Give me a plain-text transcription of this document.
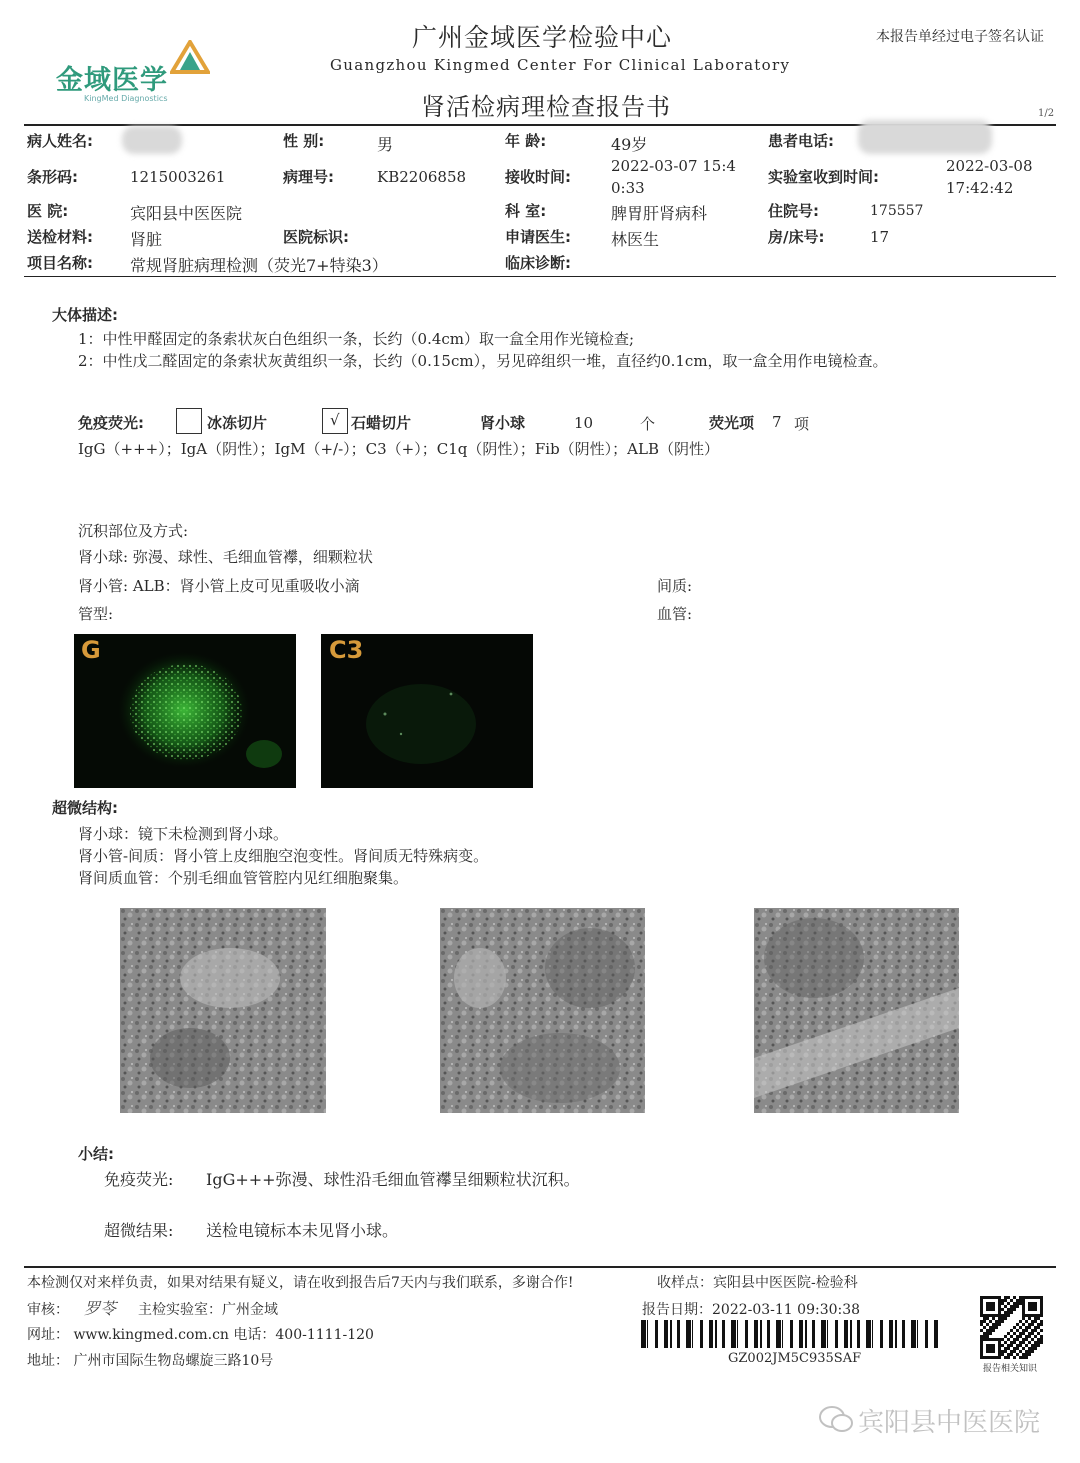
金域医学
KingMed Diagnostics
广州金域医学检验中心
Guangzhou Kingmed Center For Clinical Laboratory
肾活检病理检查报告书
本报告单经过电子签名认证
1/2
病人姓名:	性 别:	男	年 龄:	49岁	患者电话:
条形码:	1215003261	病理号:	KB2206858	接收时间:
2022-03-07 15:4
0:33
实验室收到时间:
2022-03-08
17:42:42
医 院:	宾阳县中医医院	科 室:	脾胃肝肾病科	住院号:	175557
送检材料: 肾脏	医院标识:	申请医生:	林医生	房/床号:	17
项目名称: 常规肾脏病理检测（荧光7+特染3）	临床诊断:
大体描述:
1：中性甲醛固定的条索状灰白色组织一条，长约（0.4cm）取一盒全用作光镜检查;
2：中性戊二醛固定的条索状灰黄组织一条，长约（0.15cm），另见碎组织一堆，直径约0.1cm，取一盒全用作电镜检查。
免疫荧光:	冰冻切片	√ 石蜡切片	肾小球	10	个	荧光项 7 项
IgG（+++）；IgA（阴性）；IgM（+/-）；C3（+）；C1q（阴性）；Fib（阴性）；ALB（阴性）
沉积部位及方式:
肾小球: 弥漫、球性、毛细血管襻，细颗粒状
肾小管: ALB：肾小管上皮可见重吸收小滴	间质:
管型:	血管:
G	C3
超微结构:
肾小球：镜下未检测到肾小球。
肾小管-间质：肾小管上皮细胞空泡变性。肾间质无特殊病变。
肾间质血管：个别毛细血管管腔内见红细胞聚集。
小结:
免疫荧光: IgG+++弥漫、球性沿毛细血管襻呈细颗粒状沉积。
超微结果: 送检电镜标本未见肾小球。
本检测仅对来样负责，如果对结果有疑义，请在收到报告后7天内与我们联系，多谢合作!	收样点：宾阳县中医医院-检验科
审核： 罗苓 主检实验室：广州金域	报告日期：2022-03-11 09:30:38
网址： www.kingmed.com.cn 电话：400-1111-120
地址： 广州市国际生物岛螺旋三路10号	GZ002JM5C935SAF
报告相关知识
宾阳县中医医院
